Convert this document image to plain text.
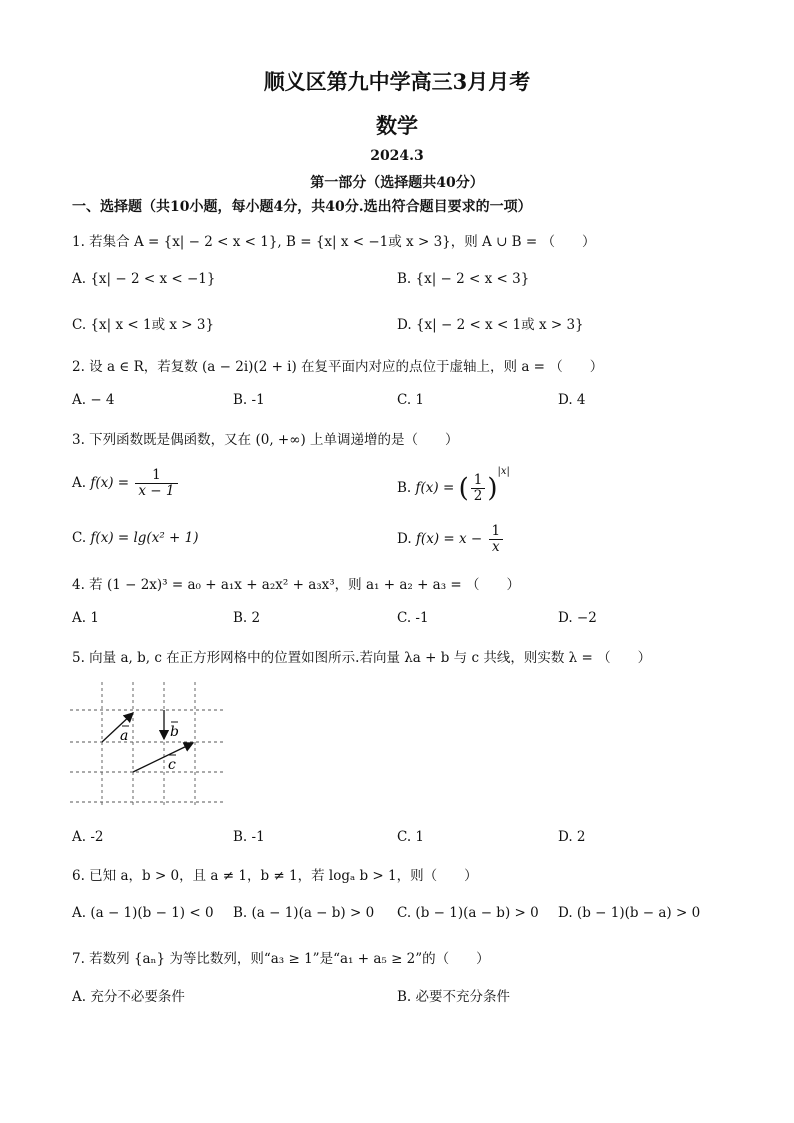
顺义区第九中学高三3月月考
数学
2024.3
第一部分（选择题共40分）
一、选择题（共10小题，每小题4分，共40分.选出符合题目要求的一项）
1. 若集合 A = {x| − 2 < x < 1}, B = {x| x < −1或 x > 3}，则 A ∪ B = （　　）
A. {x| − 2 < x < −1}	B. {x| − 2 < x < 3}
C. {x| x < 1或 x > 3}	D. {x| − 2 < x < 1或 x > 3}
2. 设 a ∈ R，若复数 (a − 2i)(2 + i) 在复平面内对应的点位于虚轴上，则 a = （　　）
A. − 4	B. -1	C. 1	D. 4
3. 下列函数既是偶函数，又在 (0, +∞) 上单调递增的是（　　）
A. $f(x) = \frac{1}{x - 1}$	B. f(x) = ( $\frac{1}{2} )^{|x|}$
C. f(x) = lg(x² + 1)	D. $f(x) = x - \frac{1}{x}$
4. 若 (1 − 2x)³ = a₀ + a₁x + a₂x² + a₃x³，则 a₁ + a₂ + a₃ = （　　）
A. 1	B. 2	C. -1	D. −2
5. 向量 a, b, c 在正方形网格中的位置如图所示.若向量 λa + b 与 c 共线，则实数 λ = （　　）
a	b
c
A. -2	B. -1	C. 1	D. 2
6. 已知 a，b > 0，且 a ≠ 1，b ≠ 1，若 logₐ b > 1，则（　　）
A. (a − 1)(b − 1) < 0 B. (a − 1)(a − b) > 0 C. (b − 1)(a − b) > 0 D. (b − 1)(b − a) > 0
7. 若数列 {aₙ} 为等比数列，则“a₃ ≥ 1”是“a₁ + a₅ ≥ 2”的（　　）
A. 充分不必要条件	B. 必要不充分条件
